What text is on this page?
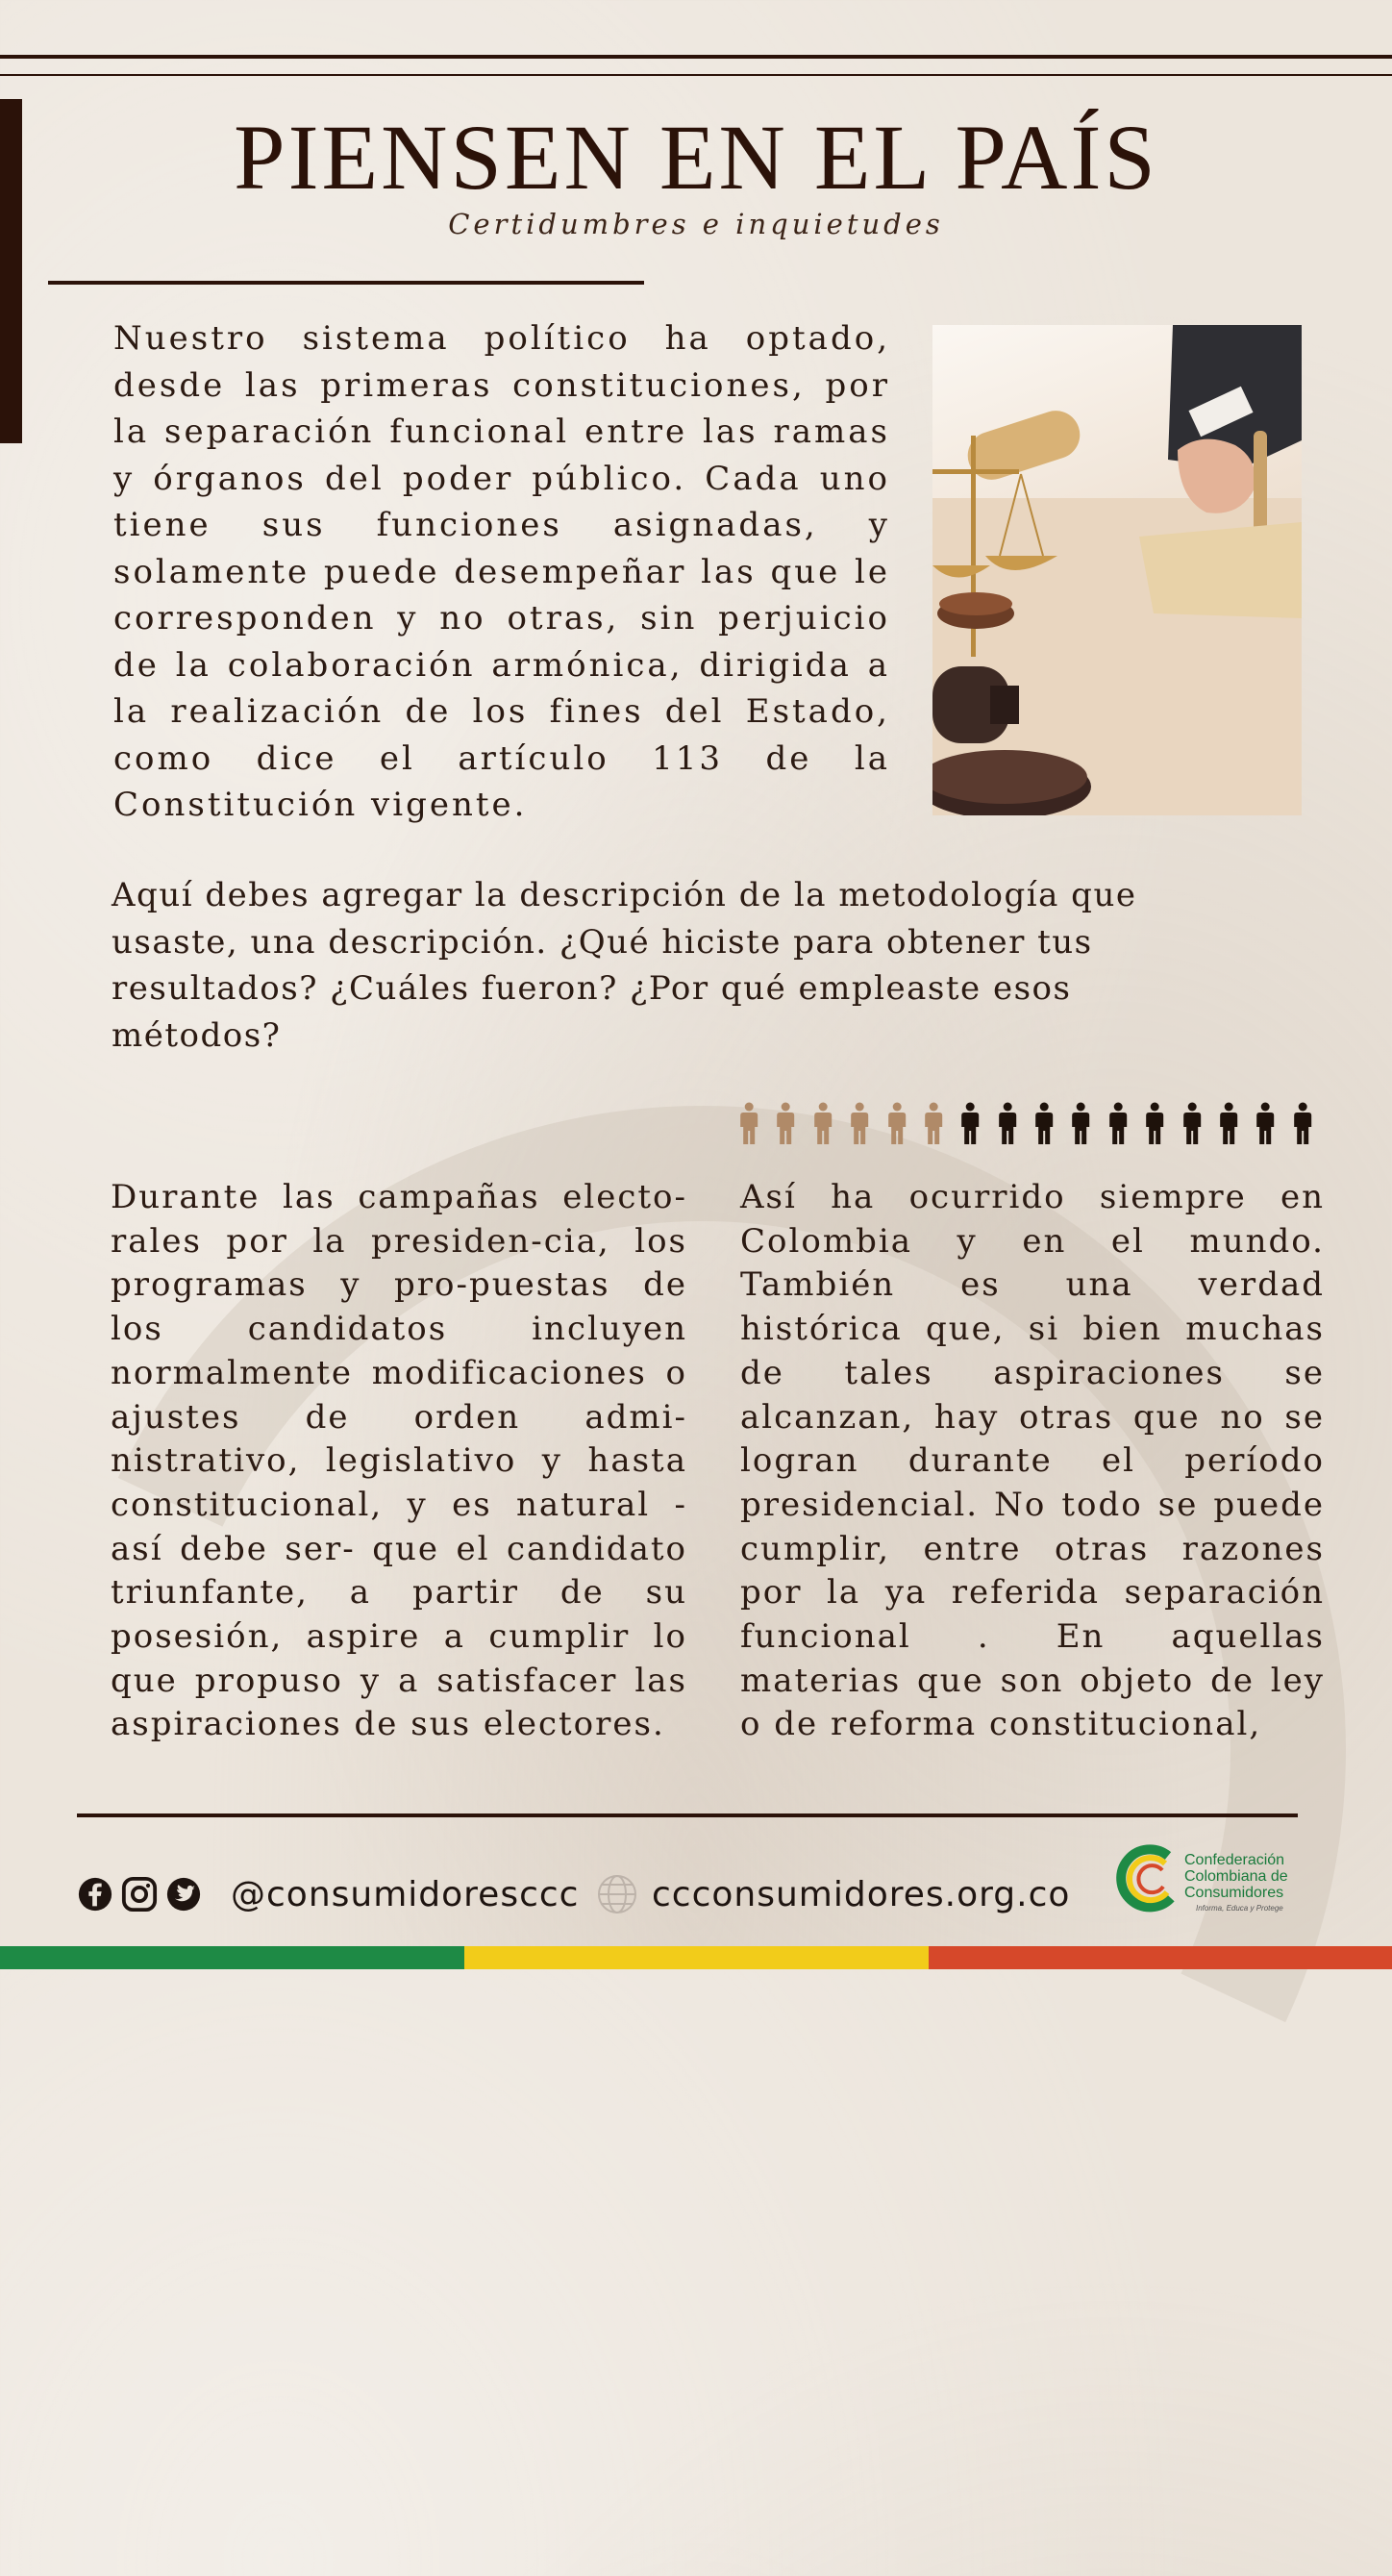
PIENSEN EN EL PAÍS
Certidumbres e inquietudes

Nuestro sistema político ha optado, desde las primeras constituciones, por la separación funcional entre las ramas y órganos del poder público. Cada uno tiene sus funciones asignadas, y solamente puede desempeñar las que le corresponden y no otras, sin perjuicio de la colaboración armónica, dirigida a la realización de los fines del Estado, como dice el artículo 113 de la Constitución vigente.

Aquí debes agregar la descripción de la metodología que usaste, una descripción. ¿Qué hiciste para obtener tus resultados? ¿Cuáles fueron? ¿Por qué empleaste esos métodos?

Durante las campañas electo-rales por la presiden-cia, los programas y pro-puestas de los candidatos incluyen normalmente modificaciones o ajustes de orden admi-nistrativo, legislativo y hasta constitucional, y es natural -así debe ser- que el candidato triunfante, a partir de su posesión, aspire a cumplir lo que propuso y a satisfacer las aspiraciones de sus electores.

Así ha ocurrido siempre en Colombia y en el mundo. También es una verdad histórica que, si bien muchas de tales aspiraciones se alcanzan, hay otras que no se logran durante el período presidencial. No todo se puede cumplir, entre otras razones por la ya referida separación funcional . En aquellas materias que son objeto de ley o de reforma constitucional,

@consumidoresccc ccconsumidores.org.co
Confederación
Colombiana de
Consumidores
Informa, Educa y Protege
